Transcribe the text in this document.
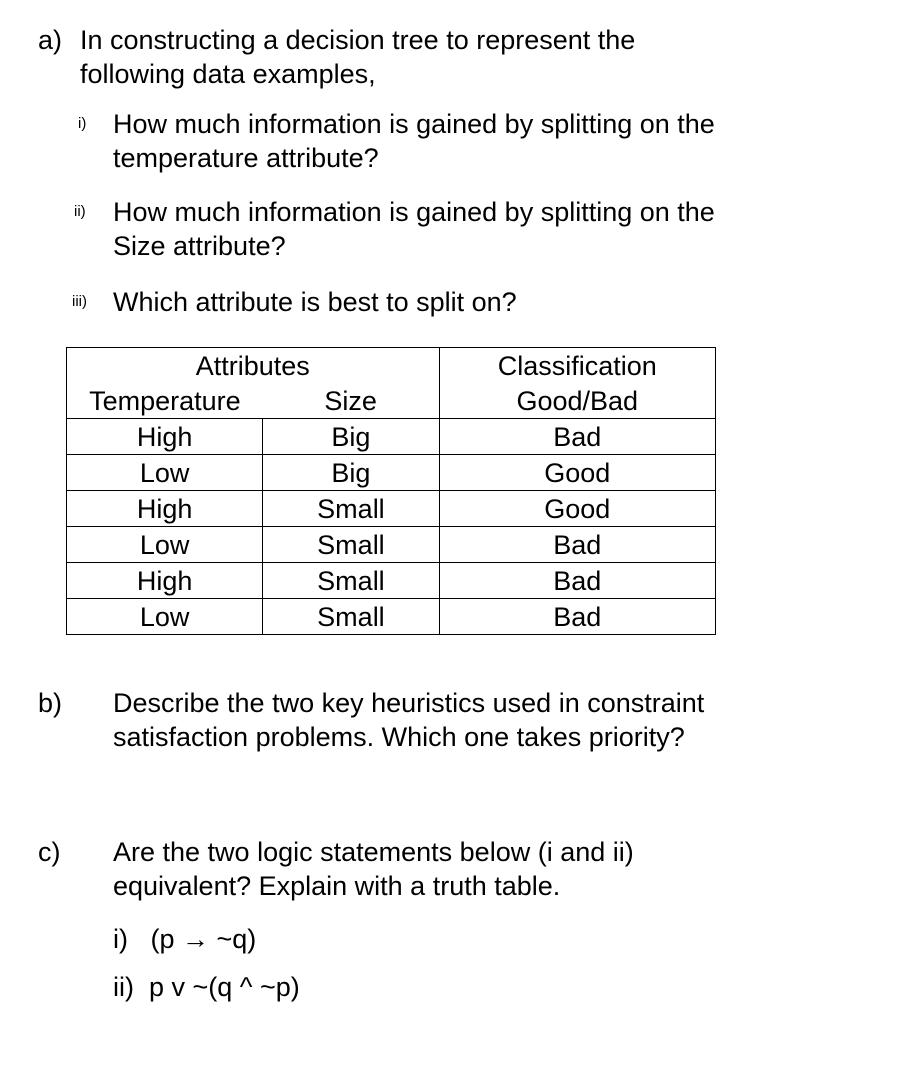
a) In constructing a decision tree to represent the
following data examples,
i) How much information is gained by splitting on the
temperature attribute?
ii) How much information is gained by splitting on the
Size attribute?
iii) Which attribute is best to split on?
Attributes		Classification
Temperature	Size	Good/Bad
High	Big	Bad
Low	Big	Good
High	Small	Good
Low	Small	Bad
High	Small	Bad
Low	Small	Bad
b) Describe the two key heuristics used in constraint
satisfaction problems. Which one takes priority?
c) Are the two logic statements below (i and ii)
equivalent? Explain with a truth table.
i)   (p → ~q)
ii)  p v ~(q ^ ~p)
